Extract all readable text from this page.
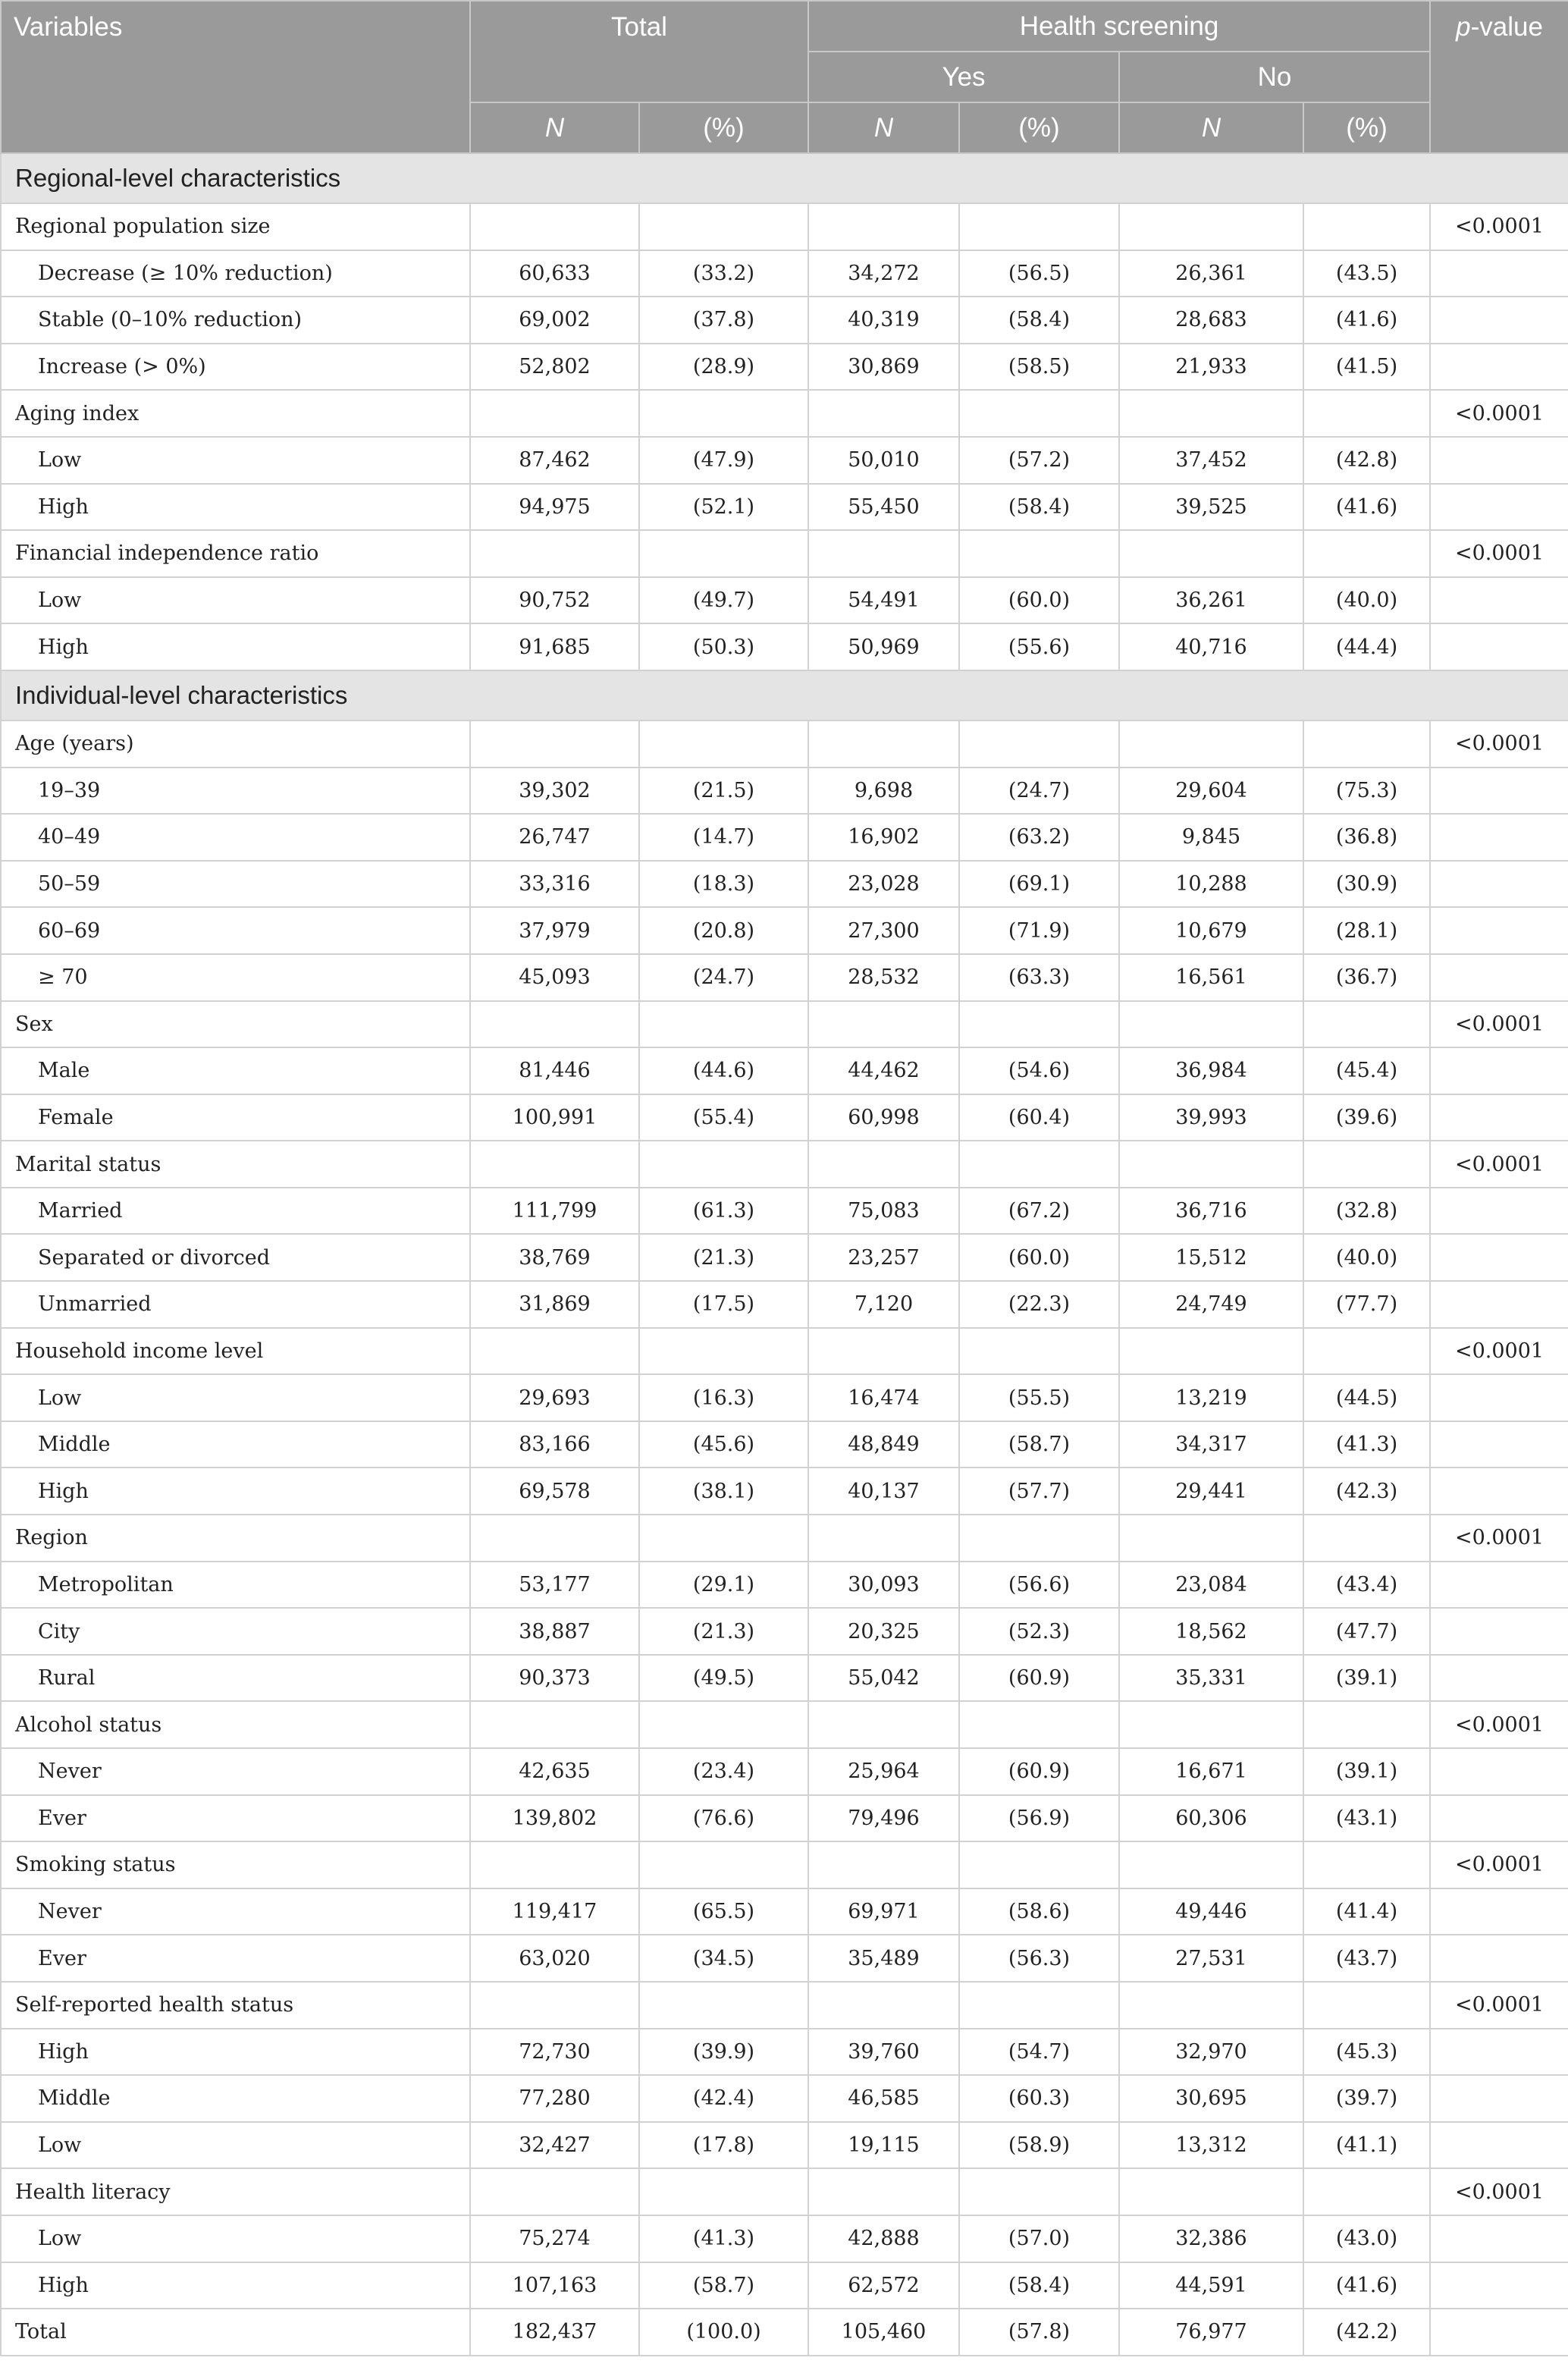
Variables	Total		Health screening				p-value
			Yes		No		
	N	(%)	N	(%)	N	(%)	
Regional-level characteristics							
Regional population size							<0.0001
Decrease (≥ 10% reduction)	60,633	(33.2)	34,272	(56.5)	26,361	(43.5)	
Stable (0–10% reduction)	69,002	(37.8)	40,319	(58.4)	28,683	(41.6)	
Increase (> 0%)	52,802	(28.9)	30,869	(58.5)	21,933	(41.5)	
Aging index							<0.0001
Low	87,462	(47.9)	50,010	(57.2)	37,452	(42.8)	
High	94,975	(52.1)	55,450	(58.4)	39,525	(41.6)	
Financial independence ratio							<0.0001
Low	90,752	(49.7)	54,491	(60.0)	36,261	(40.0)	
High	91,685	(50.3)	50,969	(55.6)	40,716	(44.4)	
Individual-level characteristics							
Age (years)							<0.0001
19–39	39,302	(21.5)	9,698	(24.7)	29,604	(75.3)	
40–49	26,747	(14.7)	16,902	(63.2)	9,845	(36.8)	
50–59	33,316	(18.3)	23,028	(69.1)	10,288	(30.9)	
60–69	37,979	(20.8)	27,300	(71.9)	10,679	(28.1)	
≥ 70	45,093	(24.7)	28,532	(63.3)	16,561	(36.7)	
Sex							<0.0001
Male	81,446	(44.6)	44,462	(54.6)	36,984	(45.4)	
Female	100,991	(55.4)	60,998	(60.4)	39,993	(39.6)	
Marital status							<0.0001
Married	111,799	(61.3)	75,083	(67.2)	36,716	(32.8)	
Separated or divorced	38,769	(21.3)	23,257	(60.0)	15,512	(40.0)	
Unmarried	31,869	(17.5)	7,120	(22.3)	24,749	(77.7)	
Household income level							<0.0001
Low	29,693	(16.3)	16,474	(55.5)	13,219	(44.5)	
Middle	83,166	(45.6)	48,849	(58.7)	34,317	(41.3)	
High	69,578	(38.1)	40,137	(57.7)	29,441	(42.3)	
Region							<0.0001
Metropolitan	53,177	(29.1)	30,093	(56.6)	23,084	(43.4)	
City	38,887	(21.3)	20,325	(52.3)	18,562	(47.7)	
Rural	90,373	(49.5)	55,042	(60.9)	35,331	(39.1)	
Alcohol status							<0.0001
Never	42,635	(23.4)	25,964	(60.9)	16,671	(39.1)	
Ever	139,802	(76.6)	79,496	(56.9)	60,306	(43.1)	
Smoking status							<0.0001
Never	119,417	(65.5)	69,971	(58.6)	49,446	(41.4)	
Ever	63,020	(34.5)	35,489	(56.3)	27,531	(43.7)	
Self-reported health status							<0.0001
High	72,730	(39.9)	39,760	(54.7)	32,970	(45.3)	
Middle	77,280	(42.4)	46,585	(60.3)	30,695	(39.7)	
Low	32,427	(17.8)	19,115	(58.9)	13,312	(41.1)	
Health literacy							<0.0001
Low	75,274	(41.3)	42,888	(57.0)	32,386	(43.0)	
High	107,163	(58.7)	62,572	(58.4)	44,591	(41.6)	
Total	182,437	(100.0)	105,460	(57.8)	76,977	(42.2)	
